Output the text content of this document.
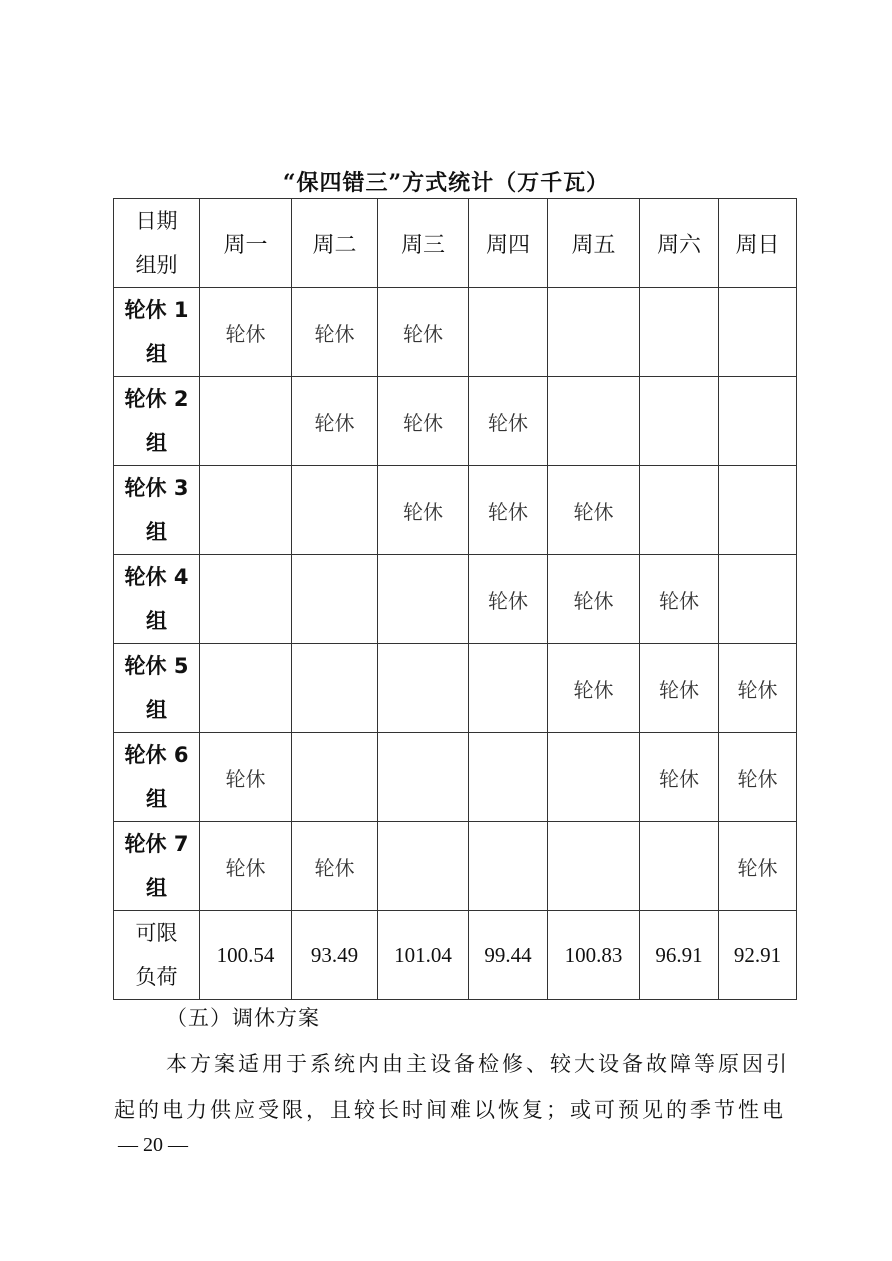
“保四错三”方式统计（万千瓦）
日期
组别	周一	周二	周三	周四	周五	周六	周日

轮休 1
组	轮休	轮休	轮休				

轮休 2
组		轮休	轮休	轮休			

轮休 3
组			轮休	轮休	轮休		

轮休 4
组				轮休	轮休	轮休	

轮休 5
组					轮休	轮休	轮休

轮休 6
组	轮休					轮休	轮休

轮休 7
组	轮休	轮休					轮休

可限
负荷	100.54	93.49	101.04	99.44	100.83	96.91	92.91
（五）调休方案
本方案适用于系统内由主设备检修、较大设备故障等原因引
起的电力供应受限，且较长时间难以恢复；或可预见的季节性电
— 20 —
